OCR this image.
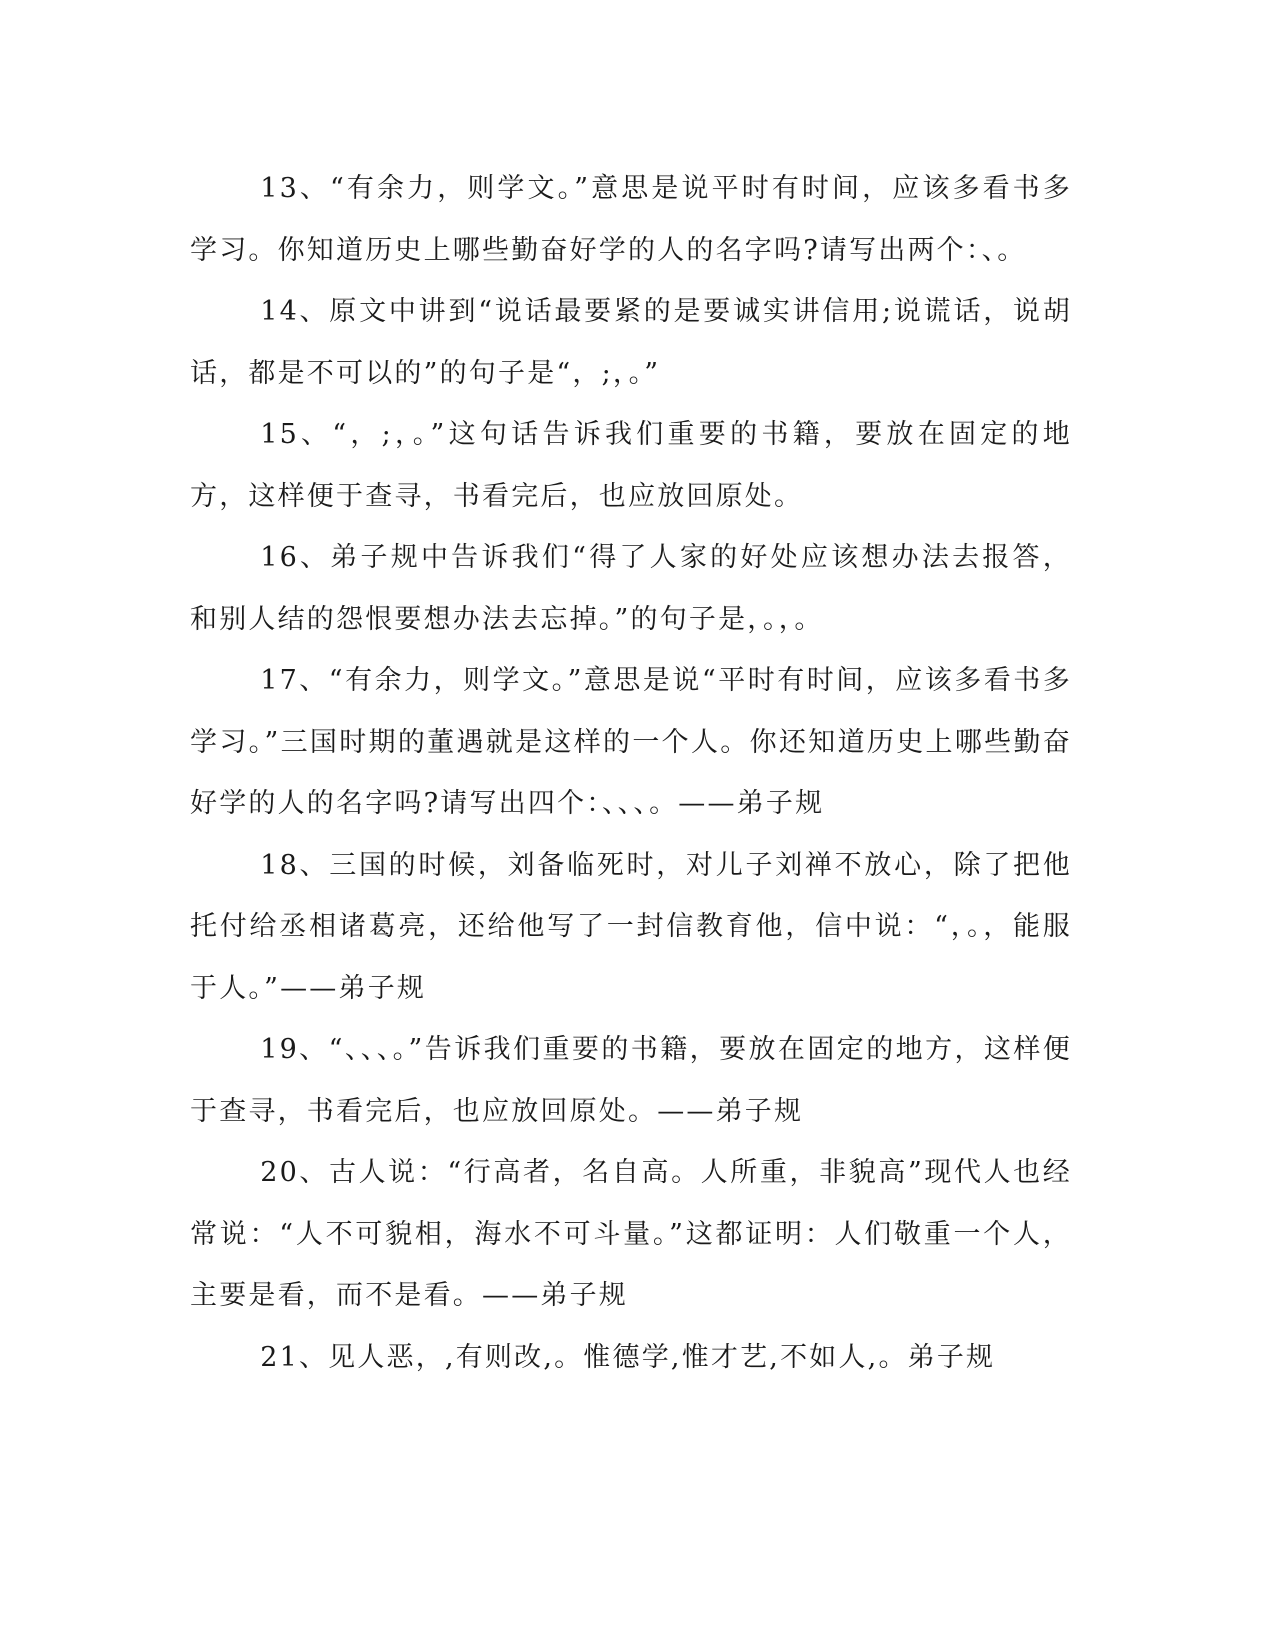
13、“有余力，则学文。”意思是说平时有时间，应该多看书多学习。你知道历史上哪些勤奋好学的人的名字吗?请写出两个：、。

14、原文中讲到“说话最要紧的是要诚实讲信用;说谎话，说胡话，都是不可以的”的句子是“，;，。”

15、“，;，。”这句话告诉我们重要的书籍，要放在固定的地方，这样便于查寻，书看完后，也应放回原处。

16、弟子规中告诉我们“得了人家的好处应该想办法去报答，和别人结的怨恨要想办法去忘掉。”的句子是，。，。

17、“有余力，则学文。”意思是说“平时有时间，应该多看书多学习。”三国时期的董遇就是这样的一个人。你还知道历史上哪些勤奋好学的人的名字吗?请写出四个：、、、。——弟子规

18、三国的时候，刘备临死时，对儿子刘禅不放心，除了把他托付给丞相诸葛亮，还给他写了一封信教育他，信中说：“，。，能服于人。”——弟子规

19、“、、、。”告诉我们重要的书籍，要放在固定的地方，这样便于查寻，书看完后，也应放回原处。——弟子规

20、古人说：“行高者，名自高。人所重，非貌高”现代人也经常说：“人不可貌相，海水不可斗量。”这都证明：人们敬重一个人，主要是看，而不是看。——弟子规

21、见人恶，,有则改,。惟德学,惟才艺,不如人,。弟子规
